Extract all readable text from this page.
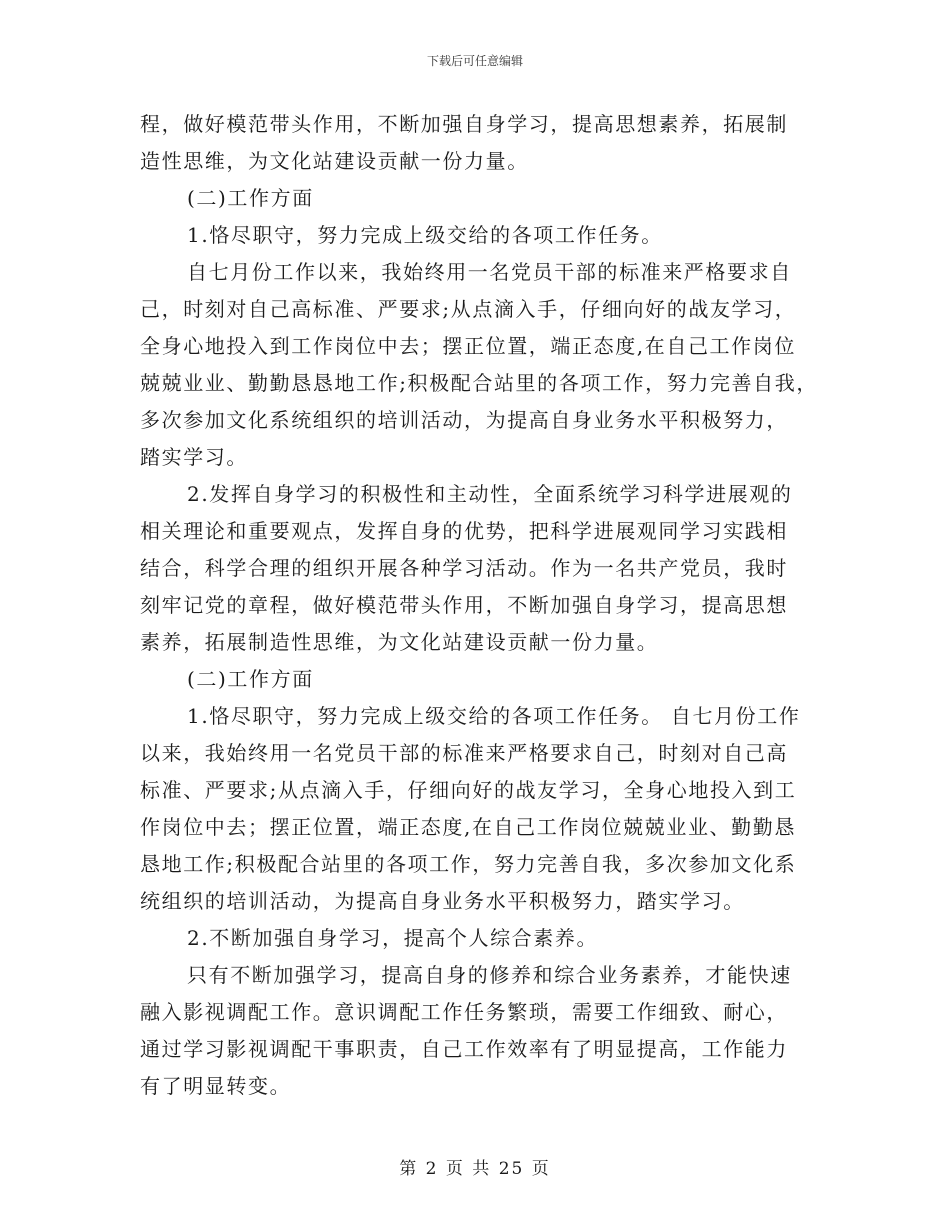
下载后可任意编辑
程，做好模范带头作用，不断加强自身学习，提高思想素养，拓展制
造性思维，为文化站建设贡献一份力量。
(二)工作方面
1.恪尽职守，努力完成上级交给的各项工作任务。
自七月份工作以来，我始终用一名党员干部的标准来严格要求自
己，时刻对自己高标准、严要求;从点滴入手，仔细向好的战友学习，
全身心地投入到工作岗位中去；摆正位置，端正态度,在自己工作岗位
兢兢业业、勤勤恳恳地工作;积极配合站里的各项工作，努力完善自我，
多次参加文化系统组织的培训活动，为提高自身业务水平积极努力，
踏实学习。
2.发挥自身学习的积极性和主动性，全面系统学习科学进展观的
相关理论和重要观点，发挥自身的优势，把科学进展观同学习实践相
结合，科学合理的组织开展各种学习活动。作为一名共产党员，我时
刻牢记党的章程，做好模范带头作用，不断加强自身学习，提高思想
素养，拓展制造性思维，为文化站建设贡献一份力量。
(二)工作方面
1.恪尽职守，努力完成上级交给的各项工作任务。 自七月份工作
以来，我始终用一名党员干部的标准来严格要求自己，时刻对自己高
标准、严要求;从点滴入手，仔细向好的战友学习，全身心地投入到工
作岗位中去；摆正位置，端正态度,在自己工作岗位兢兢业业、勤勤恳
恳地工作;积极配合站里的各项工作，努力完善自我，多次参加文化系
统组织的培训活动，为提高自身业务水平积极努力，踏实学习。
2.不断加强自身学习，提高个人综合素养。
只有不断加强学习，提高自身的修养和综合业务素养，才能快速
融入影视调配工作。意识调配工作任务繁琐，需要工作细致、耐心，
通过学习影视调配干事职责，自己工作效率有了明显提高，工作能力
有了明显转变。
第 2 页 共 25 页
